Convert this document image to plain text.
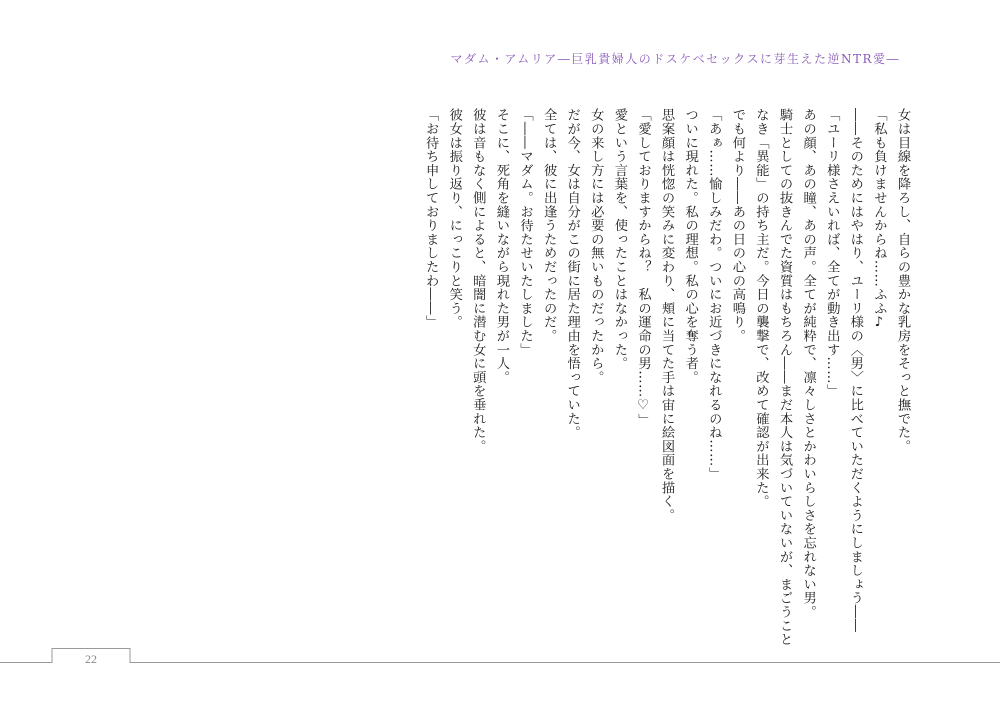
マダム・アムリア―巨乳貴婦人のドスケベセックスに芽生えた逆NTR愛―

女は目線を降ろし、自らの豊かな乳房をそっと撫でた。

「私も負けませんからね……ふふ♪

――そのためにはやはり、ユーリ様の〈男〉に比べていただくようにしましょう――

「ユーリ様さえいれば、全てが動き出す……」

あの顔、あの瞳、あの声。全てが純粋で、凛々しさとかわいらしさを忘れない男。

騎士としての抜きんでた資質はもちろん――まだ本人は気づいていないが、まごうこと

なき「異能」の持ち主だ。今日の襲撃で、改めて確認が出来た。

でも何より――あの日の心の高鳴り。

「あぁ……愉しみだわ。ついにお近づきになれるのね……」

ついに現れた。私の理想。私の心を奪う者。

思案顔は恍惚の笑みに変わり、頬に当てた手は宙に絵図面を描く。

「愛しておりますからね？　私の運命の男……♡」

愛という言葉を、使ったことはなかった。

女の来し方には必要の無いものだったから。

だが今、女は自分がこの街に居た理由を悟っていた。

全ては、彼に出逢うためだったのだ。

「――マダム。お待たせいたしました」

そこに、死角を縫いながら現れた男が一人。

彼は音もなく側によると、暗闇に潜む女に頭を垂れた。

彼女は振り返り、にっこりと笑う。

「お待ち申しておりましたわ――」

22
